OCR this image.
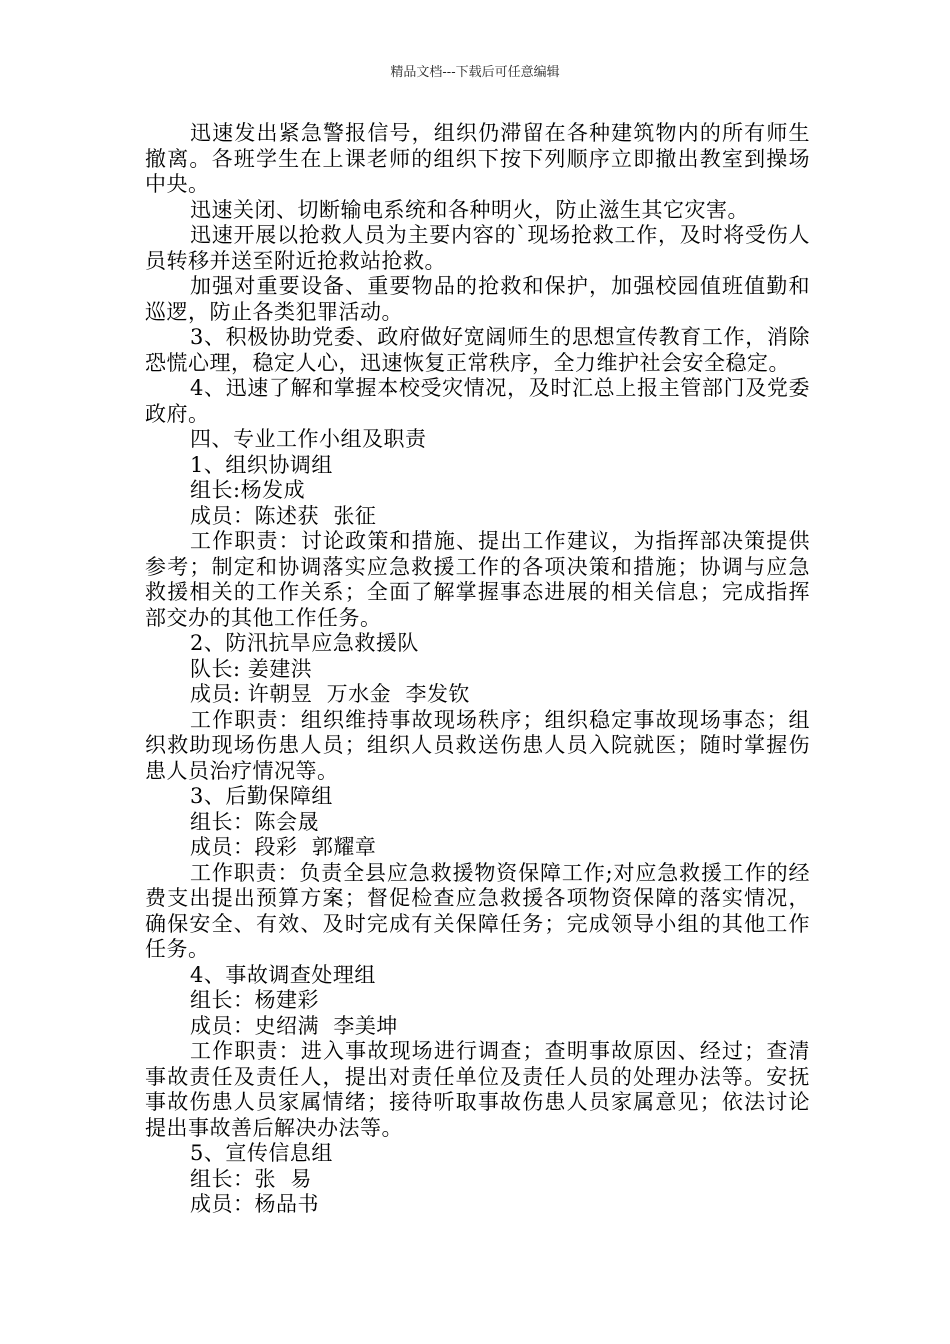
精品文档---下载后可任意编辑

迅速发出紧急警报信号，组织仍滞留在各种建筑物内的所有师生撤离。各班学生在上课老师的组织下按下列顺序立即撤出教室到操场中央。

迅速关闭、切断输电系统和各种明火，防止滋生其它灾害。

迅速开展以抢救人员为主要内容的`现场抢救工作，及时将受伤人员转移并送至附近抢救站抢救。

加强对重要设备、重要物品的抢救和保护，加强校园值班值勤和巡逻，防止各类犯罪活动。

3、积极协助党委、政府做好宽阔师生的思想宣传教育工作，消除恐慌心理，稳定人心，迅速恢复正常秩序，全力维护社会安全稳定。

4、迅速了解和掌握本校受灾情况，及时汇总上报主管部门及党委政府。

四、专业工作小组及职责

1、组织协调组

组长:杨发成

成员：陈述获  张征

工作职责：讨论政策和措施、提出工作建议，为指挥部决策提供参考；制定和协调落实应急救援工作的各项决策和措施；协调与应急救援相关的工作关系；全面了解掌握事态进展的相关信息；完成指挥部交办的其他工作任务。

2、防汛抗旱应急救援队

队长: 姜建洪

成员: 许朝昱  万水金  李发钦

工作职责：组织维持事故现场秩序；组织稳定事故现场事态；组织救助现场伤患人员；组织人员救送伤患人员入院就医；随时掌握伤患人员治疗情况等。

3、后勤保障组

组长：陈会晟

成员：段彩  郭耀章

工作职责：负责全县应急救援物资保障工作;对应急救援工作的经费支出提出预算方案；督促检查应急救援各项物资保障的落实情况，确保安全、有效、及时完成有关保障任务；完成领导小组的其他工作任务。

4、事故调查处理组

组长：杨建彩

成员：史绍满  李美坤

工作职责：进入事故现场进行调查；查明事故原因、经过；查清事故责任及责任人，提出对责任单位及责任人员的处理办法等。安抚事故伤患人员家属情绪；接待听取事故伤患人员家属意见；依法讨论提出事故善后解决办法等。

5、宣传信息组

组长：张  易

成员：杨品书
